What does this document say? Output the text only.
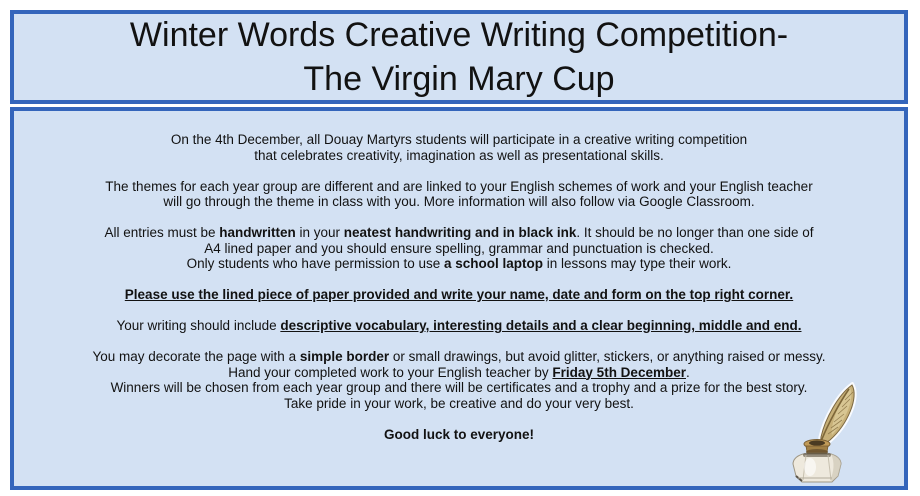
Winter Words Creative Writing Competition-
The Virgin Mary Cup
On the 4th December, all Douay Martyrs students will participate in a creative writing competition
that celebrates creativity, imagination as well as presentational skills.
The themes for each year group are different and are linked to your English schemes of work and your English teacher
will go through the theme in class with you. More information will also follow via Google Classroom.
All entries must be handwritten in your neatest handwriting and in black ink. It should be no longer than one side of
A4 lined paper and you should ensure spelling, grammar and punctuation is checked.
Only students who have permission to use a school laptop in lessons may type their work.
Please use the lined piece of paper provided and write your name, date and form on the top right corner.
Your writing should include descriptive vocabulary, interesting details and a clear beginning, middle and end.
You may decorate the page with a simple border or small drawings, but avoid glitter, stickers, or anything raised or messy.
Hand your completed work to your English teacher by Friday 5th December.
Winners will be chosen from each year group and there will be certificates and a trophy and a prize for the best story.
Take pride in your work, be creative and do your very best.
Good luck to everyone!
